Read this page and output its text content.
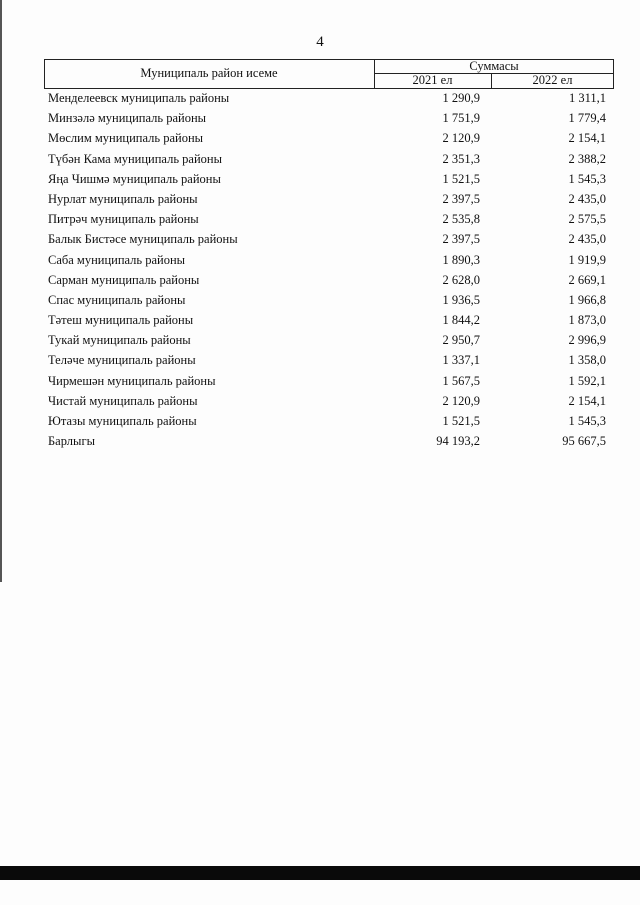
4
Муниципаль район исеме	Суммасы
2021 ел	2022 ел
Менделеевск муниципаль районы	1 290,9	1 311,1
Минзәлә муниципаль районы	1 751,9	1 779,4
Мөслим муниципаль районы	2 120,9	2 154,1
Түбән Кама муниципаль районы	2 351,3	2 388,2
Яңа Чишмә муниципаль районы	1 521,5	1 545,3
Нурлат муниципаль районы	2 397,5	2 435,0
Питрәч муниципаль районы	2 535,8	2 575,5
Балык Бистәсе муниципаль районы	2 397,5	2 435,0
Саба муниципаль районы	1 890,3	1 919,9
Сарман муниципаль районы	2 628,0	2 669,1
Спас муниципаль районы	1 936,5	1 966,8
Тәтеш муниципаль районы	1 844,2	1 873,0
Тукай муниципаль районы	2 950,7	2 996,9
Теләче муниципаль районы	1 337,1	1 358,0
Чирмешән муниципаль районы	1 567,5	1 592,1
Чистай муниципаль районы	2 120,9	2 154,1
Ютазы муниципаль районы	1 521,5	1 545,3
Барлыгы	94 193,2	95 667,5
